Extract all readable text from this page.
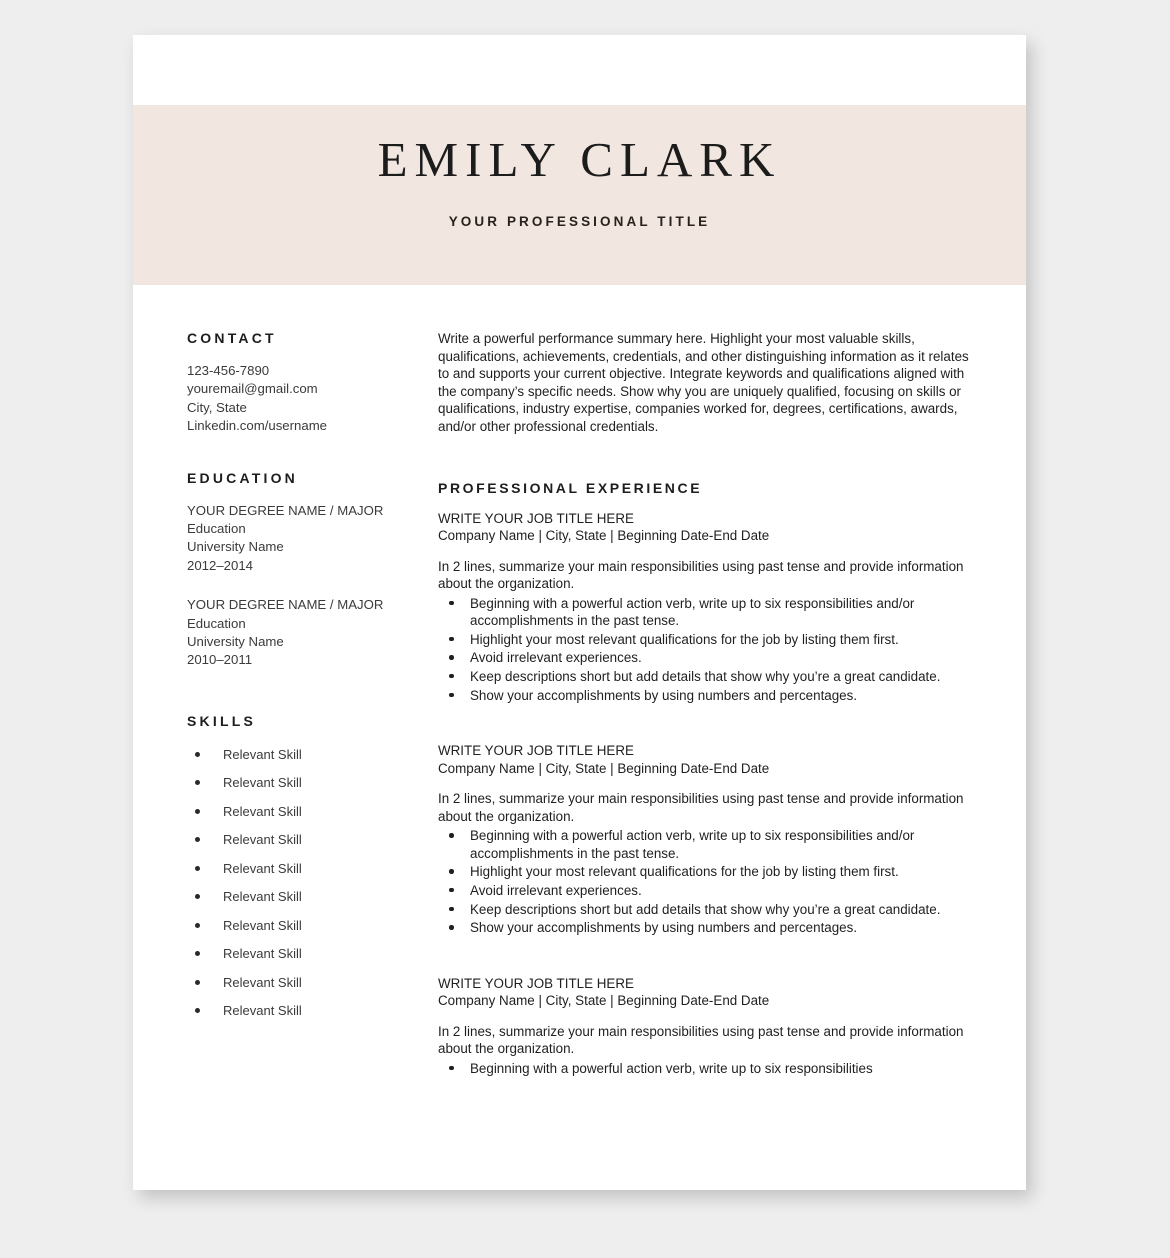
EMILY CLARK
YOUR PROFESSIONAL TITLE
CONTACT
123-456-7890
youremail@gmail.com
City, State
Linkedin.com/username
EDUCATION
YOUR DEGREE NAME / MAJOR
Education
University Name
2012–2014
YOUR DEGREE NAME / MAJOR
Education
University Name
2010–2011
SKILLS
Relevant Skill
Relevant Skill
Relevant Skill
Relevant Skill
Relevant Skill
Relevant Skill
Relevant Skill
Relevant Skill
Relevant Skill
Relevant Skill

Write a powerful performance summary here. Highlight your most valuable skills, qualifications, achievements, credentials, and other distinguishing information as it relates to and supports your current objective. Integrate keywords and qualifications aligned with the company’s specific needs. Show why you are uniquely qualified, focusing on skills or qualifications, industry expertise, companies worked for, degrees, certifications, awards, and/or other professional credentials.

PROFESSIONAL EXPERIENCE
WRITE YOUR JOB TITLE HERE
Company Name | City, State | Beginning Date-End Date

In 2 lines, summarize your main responsibilities using past tense and provide information about the organization.

Beginning with a powerful action verb, write up to six responsibilities and/or accomplishments in the past tense.
Highlight your most relevant qualifications for the job by listing them first.
Avoid irrelevant experiences.
Keep descriptions short but add details that show why you’re a great candidate.
Show your accomplishments by using numbers and percentages.
WRITE YOUR JOB TITLE HERE
Company Name | City, State | Beginning Date-End Date

In 2 lines, summarize your main responsibilities using past tense and provide information about the organization.

Beginning with a powerful action verb, write up to six responsibilities and/or accomplishments in the past tense.
Highlight your most relevant qualifications for the job by listing them first.
Avoid irrelevant experiences.
Keep descriptions short but add details that show why you’re a great candidate.
Show your accomplishments by using numbers and percentages.
WRITE YOUR JOB TITLE HERE
Company Name | City, State | Beginning Date-End Date

In 2 lines, summarize your main responsibilities using past tense and provide information about the organization.

Beginning with a powerful action verb, write up to six responsibilities
